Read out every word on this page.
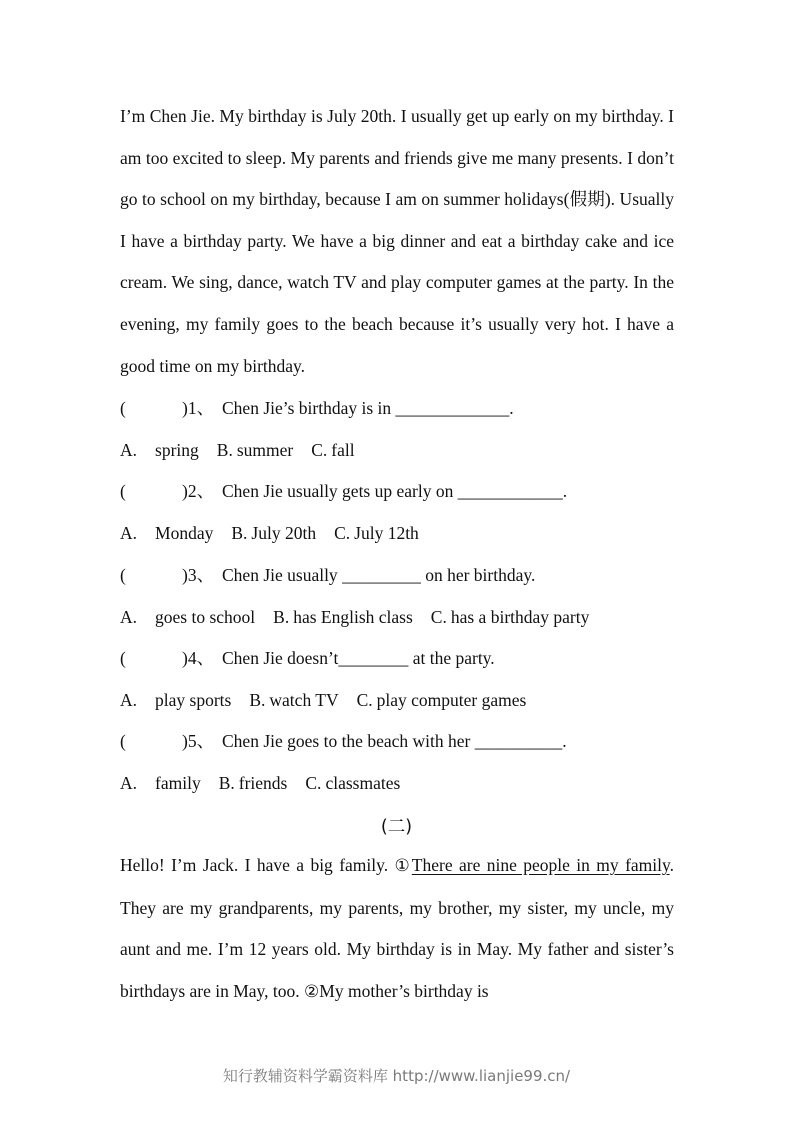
I’m Chen Jie. My birthday is July 20th. I usually get up early on my birthday. I am too excited to sleep. My parents and friends give me many presents. I don’t go to school on my birthday, because I am on summer holidays(假期). Usually I have a birthday party. We have a big dinner and eat a birthday cake and ice cream. We sing, dance, watch TV and play computer games at the party. In the evening, my family goes to the beach because it’s usually very hot. I have a good time on my birthday.
(	)1、 Chen Jie’s birthday is in _____________.
A. spring B. summer C. fall
(	)2、 Chen Jie usually gets up early on ____________.
A. Monday B. July 20th C. July 12th
(	)3、 Chen Jie usually _________ on her birthday.
A. goes to school B. has English class C. has a birthday party
(	)4、 Chen Jie doesn’t________ at the party.
A. play sports B. watch TV C. play computer games
(	)5、 Chen Jie goes to the beach with her __________.
A. family B. friends C. classmates
(二)
Hello! I’m Jack. I have a big family. ①There are nine people in my family. They are my grandparents, my parents, my brother, my sister, my uncle, my aunt and me. I’m 12 years old. My birthday is in May. My father and sister’s birthdays are in May, too. ②My mother’s birthday is
知行教辅资料学霸资料库 http://www.lianjie99.cn/
